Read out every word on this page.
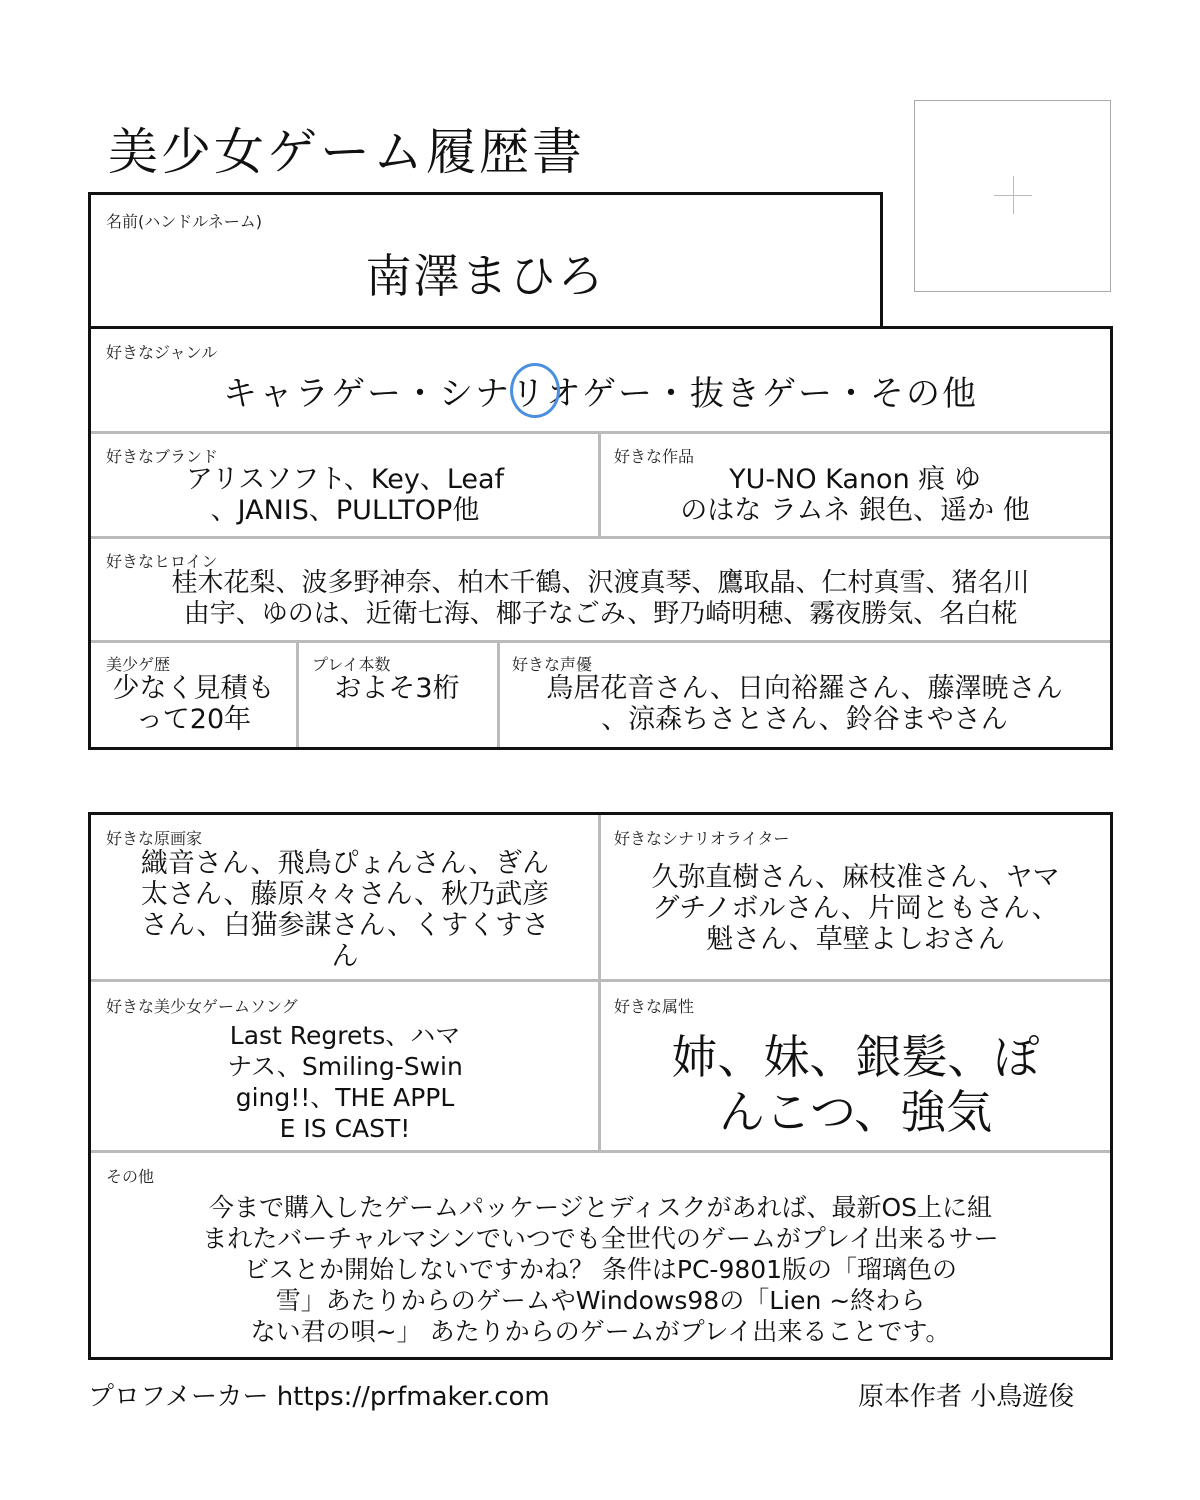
美少女ゲーム履歴書
名前(ハンドルネーム)
南澤まひろ
好きなジャンル
キャラゲー・シナリオゲー・抜きゲー・その他
好きなブランド
アリスソフト、Key、Leaf
、JANIS、PULLTOP他
好きな作品
YU-NO Kanon 痕 ゆ
のはな ラムネ 銀色、遥か 他
好きなヒロイン
桂木花梨、波多野神奈、柏木千鶴、沢渡真琴、鷹取晶、仁村真雪、猪名川
由宇、ゆのは、近衛七海、椰子なごみ、野乃崎明穂、霧夜勝気、名白椛
美少ゲ歴
少なく見積も
って20年
プレイ本数
およそ3桁
好きな声優
鳥居花音さん、日向裕羅さん、藤澤暁さん
、涼森ちさとさん、鈴谷まやさん
好きな原画家
織音さん、飛鳥ぴょんさん、ぎん
太さん、藤原々々さん、秋乃武彦
さん、白猫参謀さん、くすくすさ
ん
好きなシナリオライター
久弥直樹さん、麻枝准さん、ヤマ
グチノボルさん、片岡ともさん、
魁さん、草壁よしおさん
好きな美少女ゲームソング
Last Regrets、ハマ
ナス、Smiling-Swin
ging!!、THE APPL
E IS CAST!
好きな属性
姉、妹、銀髪、ぽ
んこつ、強気
その他
今まで購入したゲームパッケージとディスクがあれば、最新OS上に組
まれたバーチャルマシンでいつでも全世代のゲームがプレイ出来るサー
ビスとか開始しないですかね？ 条件はPC-9801版の「瑠璃色の
雪」あたりからのゲームやWindows98の「Lien ~終わら
ない君の唄~」 あたりからのゲームがプレイ出来ることです。
プロフメーカー https://prfmaker.com	原本作者 小鳥遊俊
